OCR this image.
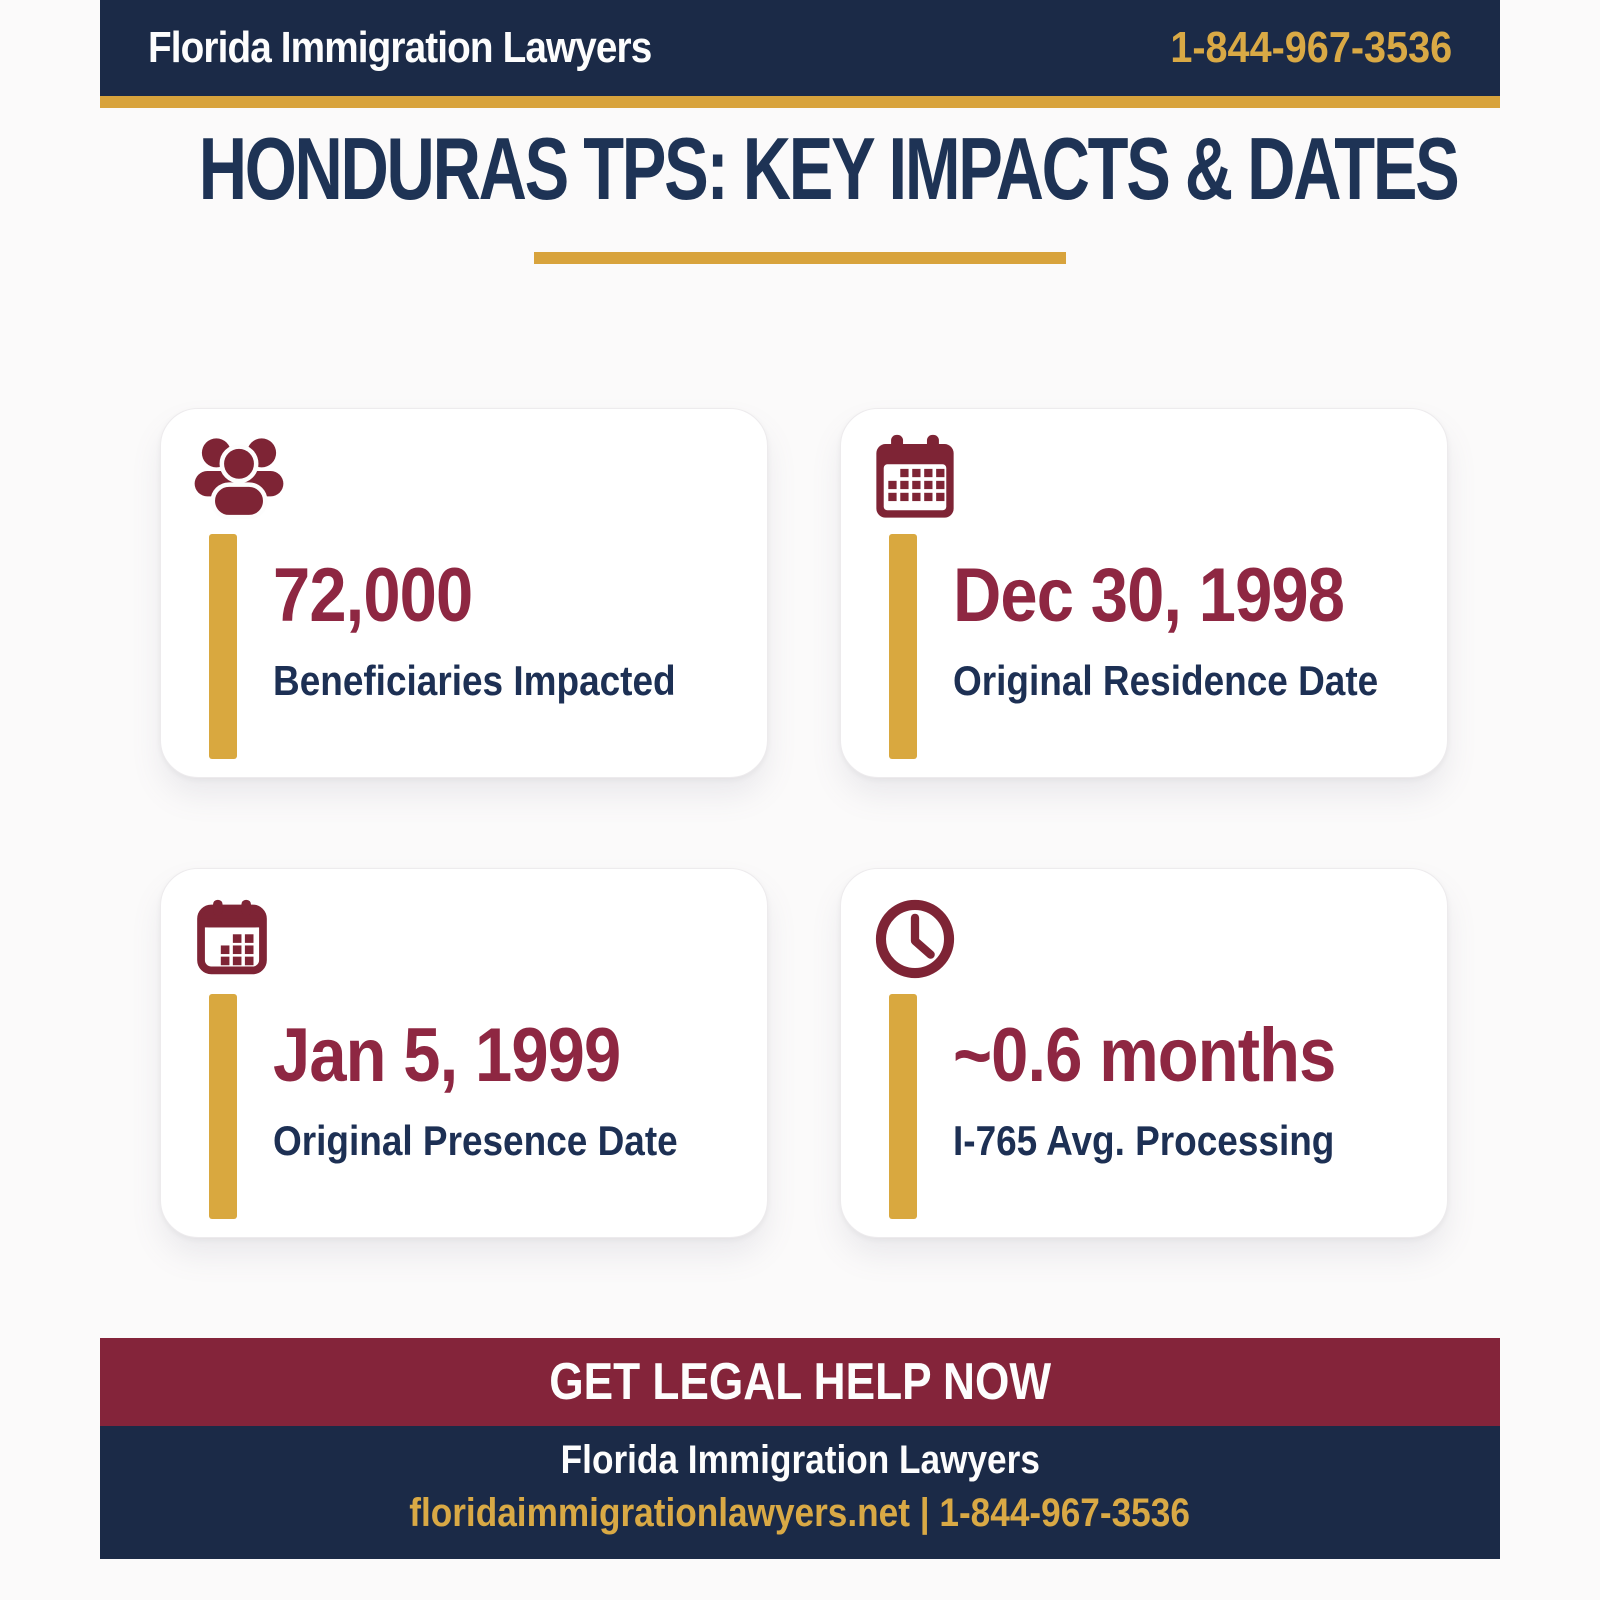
Florida Immigration Lawyers	1-844-967-3536
HONDURAS TPS: KEY IMPACTS & DATES
72,000
Beneficiaries Impacted
Dec 30, 1998
Original Residence Date
Jan 5, 1999
Original Presence Date
~0.6 months
I-765 Avg. Processing
GET LEGAL HELP NOW
Florida Immigration Lawyers
floridaimmigrationlawyers.net | 1-844-967-3536
